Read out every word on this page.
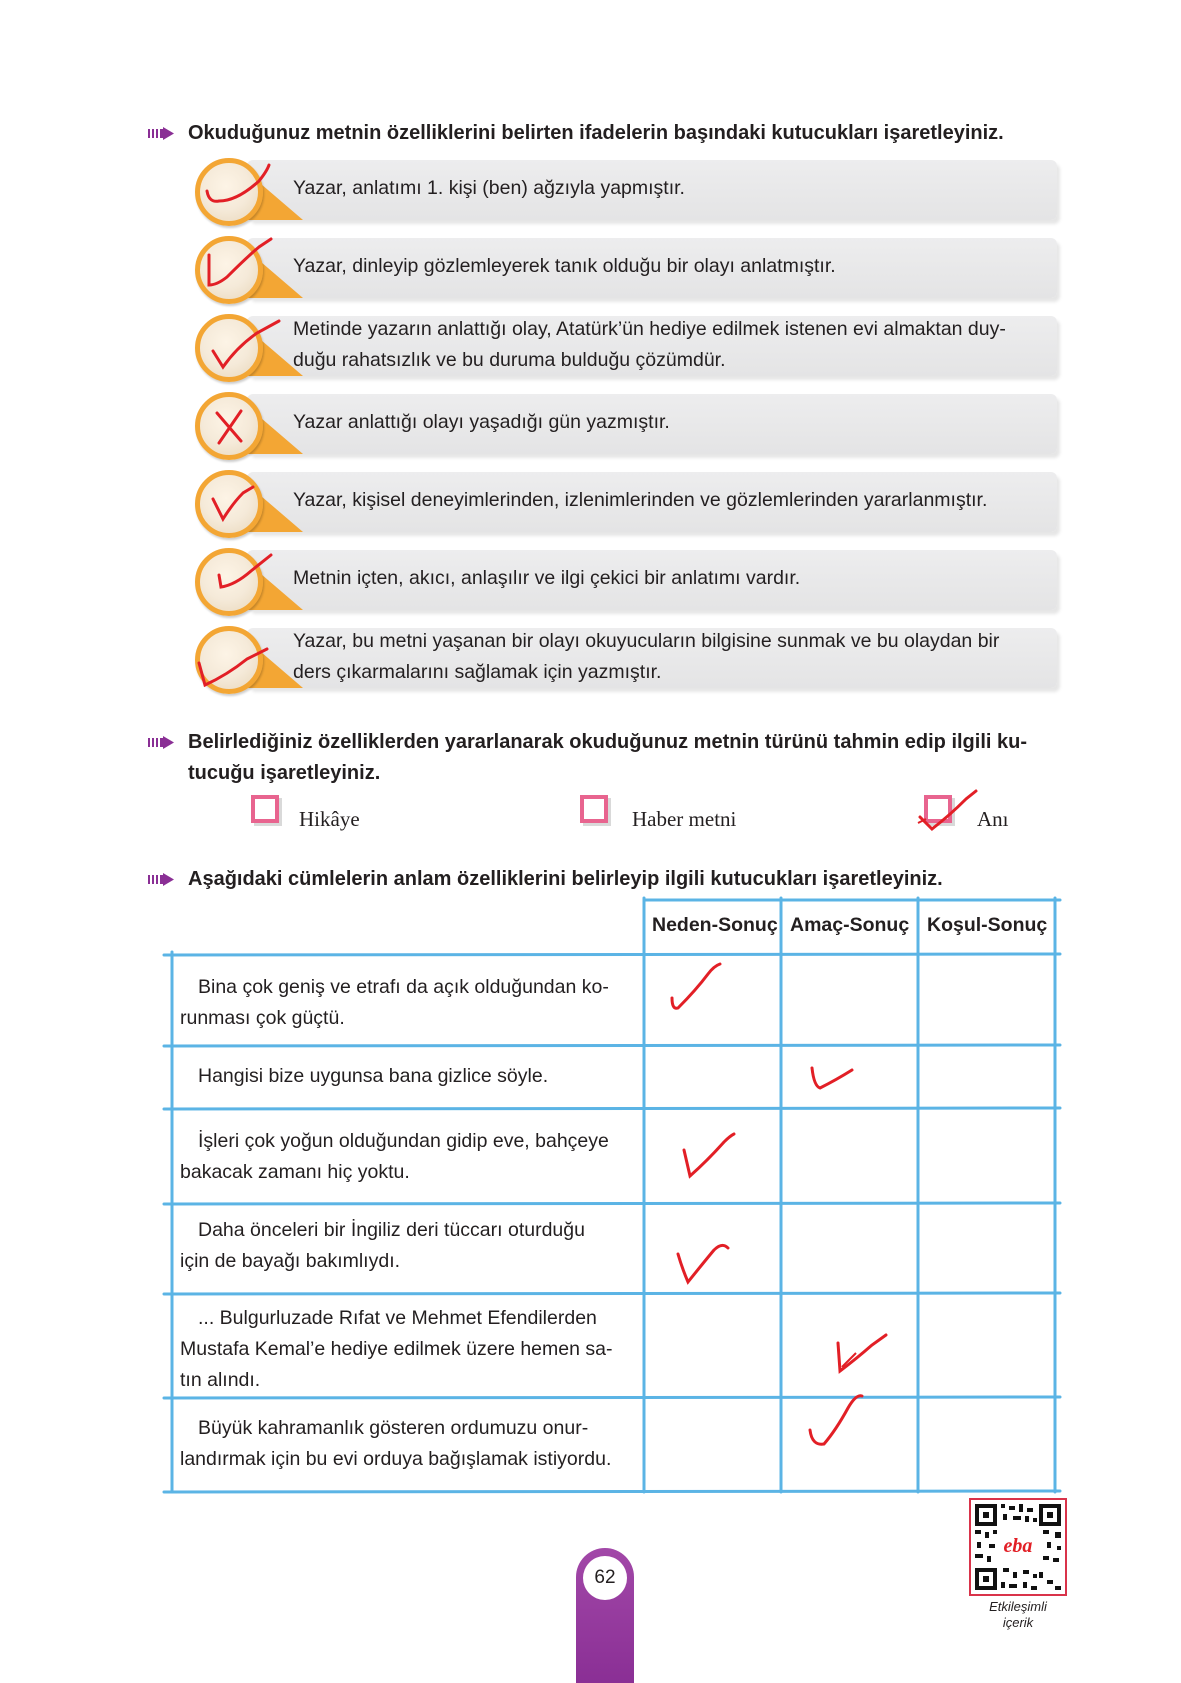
Okuduğunuz metnin özelliklerini belirten ifadelerin başındaki kutucukları işaretleyiniz.
Yazar, anlatımı 1. kişi (ben) ağzıyla yapmıştır.
Yazar, dinleyip gözlemleyerek tanık olduğu bir olayı anlatmıştır.
Metinde yazarın anlattığı olay, Atatürk’ün hediye edilmek istenen evi almaktan duy-
duğu rahatsızlık ve bu duruma bulduğu çözümdür.
Yazar anlattığı olayı yaşadığı gün yazmıştır.
Yazar, kişisel deneyimlerinden, izlenimlerinden ve gözlemlerinden yararlanmıştır.
Metnin içten, akıcı, anlaşılır ve ilgi çekici bir anlatımı vardır.
Yazar, bu metni yaşanan bir olayı okuyucuların bilgisine sunmak ve bu olaydan bir
ders çıkarmalarını sağlamak için yazmıştır.
Belirlediğiniz özelliklerden yararlanarak okuduğunuz metnin türünü tahmin edip ilgili ku-
tucuğu işaretleyiniz.
Hikâye	Haber metni	Anı
Aşağıdaki cümlelerin anlam özelliklerini belirleyip ilgili kutucukları işaretleyiniz.
Neden-Sonuç Amaç-Sonuç Koşul-Sonuç
Bina çok geniş ve etrafı da açık olduğundan ko-
runması çok güçtü.
Hangisi bize uygunsa bana gizlice söyle.
İşleri çok yoğun olduğundan gidip eve, bahçeye
bakacak zamanı hiç yoktu.
Daha önceleri bir İngiliz deri tüccarı oturduğu
için de bayağı bakımlıydı.
... Bulgurluzade Rıfat ve Mehmet Efendilerden
Mustafa Kemal’e hediye edilmek üzere hemen sa-
tın alındı.
Büyük kahramanlık gösteren ordumuzu onur-
landırmak için bu evi orduya bağışlamak istiyordu.
62
eba
Etkileşimli
içerik
